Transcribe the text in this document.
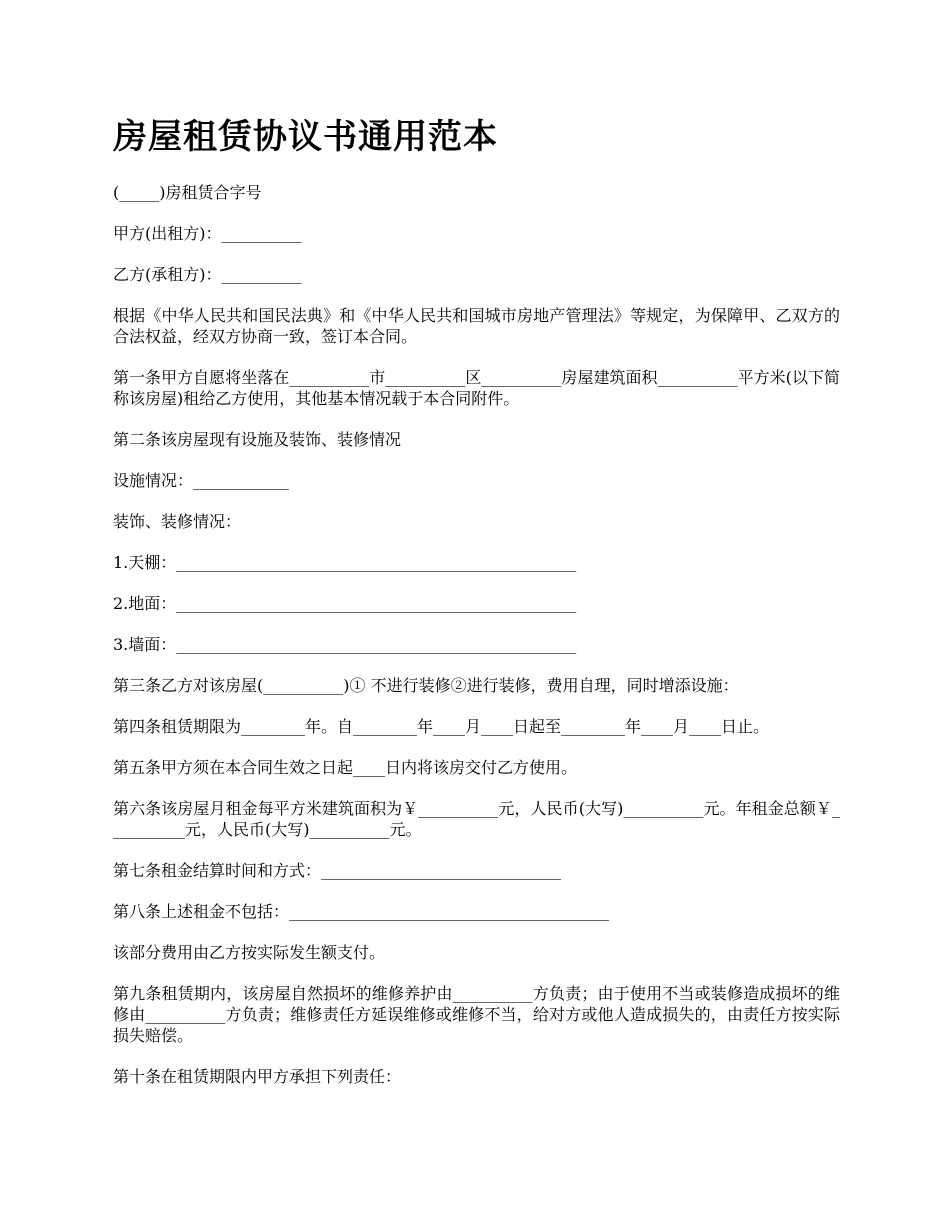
房屋租赁协议书通用范本

(_____)房租赁合字号

甲方(出租方)：__________

乙方(承租方)：__________

根据《中华人民共和国民法典》和《中华人民共和国城市房地产管理法》等规定，为保障甲、乙双方的合法权益，经双方协商一致，签订本合同。

第一条甲方自愿将坐落在__________市__________区__________房屋建筑面积__________平方米(以下简称该房屋)租给乙方使用，其他基本情况载于本合同附件。

第二条该房屋现有设施及装饰、装修情况

设施情况：____________

装饰、装修情况：

1.天棚：__________________________________________________

2.地面：__________________________________________________

3.墙面：__________________________________________________

第三条乙方对该房屋(__________)① 不进行装修②进行装修，费用自理，同时增添设施：

第四条租赁期限为________年。自________年____月____日起至________年____月____日止。

第五条甲方须在本合同生效之日起____日内将该房交付乙方使用。

第六条该房屋月租金每平方米建筑面积为￥__________元，人民币(大写)__________元。年租金总额￥__________元，人民币(大写)__________元。

第七条租金结算时间和方式：______________________________

第八条上述租金不包括：________________________________________

该部分费用由乙方按实际发生额支付。

第九条租赁期内，该房屋自然损坏的维修养护由__________方负责；由于使用不当或装修造成损坏的维修由__________方负责；维修责任方延误维修或维修不当，给对方或他人造成损失的，由责任方按实际损失赔偿。

第十条在租赁期限内甲方承担下列责任：
